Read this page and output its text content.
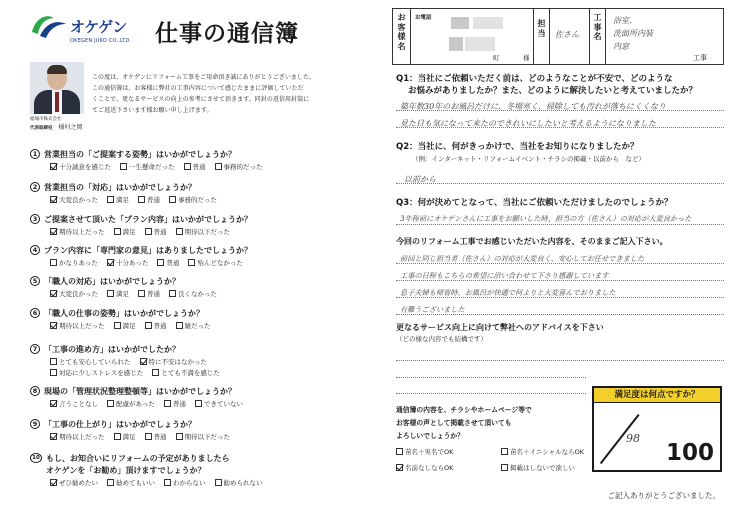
オケゲン
OKEGEN JUKO CO.,LTD. 仕事の通信簿
稲城市株式会社
代表取締役 桶村之岡
この度は、オケゲンにリフォーム工事をご用命頂き誠にありがとうございました。
この通信簿は、お客様に弊社の工事内容について感じたままに評価していただ
くことで、更なるサービスの向上の参考にさせて頂きます。同封の返信用封筒に
てご返送下さいます様お願い申し上げます。
1 営業担当の「ご提案する姿勢」はいかがでしょうか？
十分誠意を感じた	一生懸命だった	普通	事務的だった
2 営業担当の「対応」はいかがでしょうか？
大変良かった	満足	普通	事務的だった
3 ご提案させて頂いた「プラン内容」はいかがでしょうか？
期待以上だった	満足	普通	期待以下だった
4 プラン内容に「専門家の意見」はありましたでしょうか？
かなりあった	十分あった	普通	殆んどなかった
5 「職人の対応」はいかがでしょうか？
大変良かった	満足	普通	良くなかった
6 「職人の仕事の姿勢」はいかがでしょうか？
期待以上だった	満足	普通	雑だった
7 「工事の進め方」はいかがでしたか？
とても安心していられた	特に不安はなかった
対応に少しストレスを感じた	とても不満を感じた
8 現場の「管理状況整理整頓等」はいかがでしょうか？
言うことなし	配慮があった	普通	できていない
9 「工事の仕上がり」はいかがでしょうか？
期待以上だった	満足	普通	期待以下だった
10 もし、お知合いにリフォームの予定がありましたら
オケゲンを「お勧め」頂けますでしょうか？
ぜひ勧めたい	勧めてもいい	わからない	勧められない
お客様名
お電話
町	様
担当	佐さん
工事名
浴室、
洗面所内装
内窓
工事
Q1：当社にご依頼いただく前は、どのようなことが不安で、どのような
お悩みがありましたか？また、どのように解決したいと考えていましたか？
築年数30年のお風呂だけに、冬場寒く、掃除しても汚れが落ちにくくなり
見た目も気になって来たのできれいにしたいと考えるようになりました
Q2：当社に、何がきっかけで、当社をお知りになりましたか？
（例：インターネット・リフォームイベント・チラシの掲載・以前から　など）
以前から
Q3：何が決めてとなって、当社にご依頼いただけましたのでしょうか？
3年程前にオケゲンさんに工事をお願いした時、担当の方（佐さん）の対応が大変良かった
今回のリフォーム工事でお感じいただいた内容を、そのままご記入下さい。
前回と同じ担当者（佐さん）の対応が大変良く、安心してお任せできました
工事の日程もこちらの希望に沿い合わせて下さり感謝しています
息子夫婦も帰省時、お風呂が快適で何よりと大変喜んでおりました
有難うございました
更なるサービス向上に向けて弊社へのアドバイスを下さい
（どの様な内容でも結構です）
満足度は何点ですか？
98
100
通信簿の内容を、チラシやホームページ等で
お客様の声として掲載させて頂いても
よろしいでしょうか？
苗名＋実名でOK	苗名＋イニシャルならOK
名前なしならOK	掲載はしないで欲しい
ご記入ありがとうございました。
